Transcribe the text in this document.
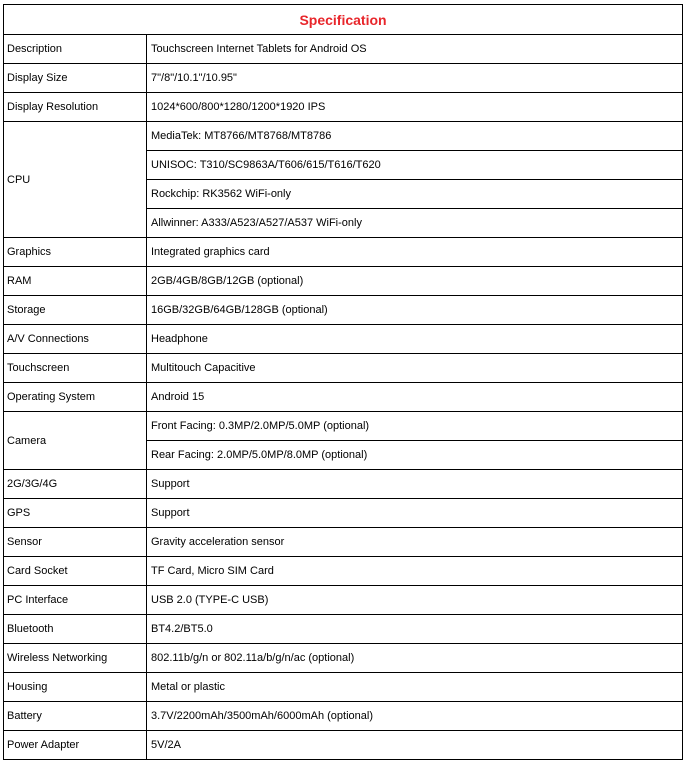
Specification	
Description	Touchscreen Internet Tablets for Android OS
Display Size	7"/8"/10.1"/10.95"
Display Resolution	1024*600/800*1280/1200*1920 IPS
CPU	MediaTek: MT8766/MT8768/MT8786
	UNISOC: T310/SC9863A/T606/615/T616/T620
	Rockchip: RK3562 WiFi-only
	Allwinner: A333/A523/A527/A537 WiFi-only
Graphics	Integrated graphics card
RAM	2GB/4GB/8GB/12GB (optional)
Storage	16GB/32GB/64GB/128GB (optional)
A/V Connections	Headphone
Touchscreen	Multitouch Capacitive
Operating System	Android 15
Camera	Front Facing: 0.3MP/2.0MP/5.0MP (optional)
	Rear Facing: 2.0MP/5.0MP/8.0MP (optional)
2G/3G/4G	Support
GPS	Support
Sensor	Gravity acceleration sensor
Card Socket	TF Card, Micro SIM Card
PC Interface	USB 2.0 (TYPE-C USB)
Bluetooth	BT4.2/BT5.0
Wireless Networking	802.11b/g/n or 802.11a/b/g/n/ac (optional)
Housing	Metal or plastic
Battery	3.7V/2200mAh/3500mAh/6000mAh (optional)
Power Adapter	5V/2A
